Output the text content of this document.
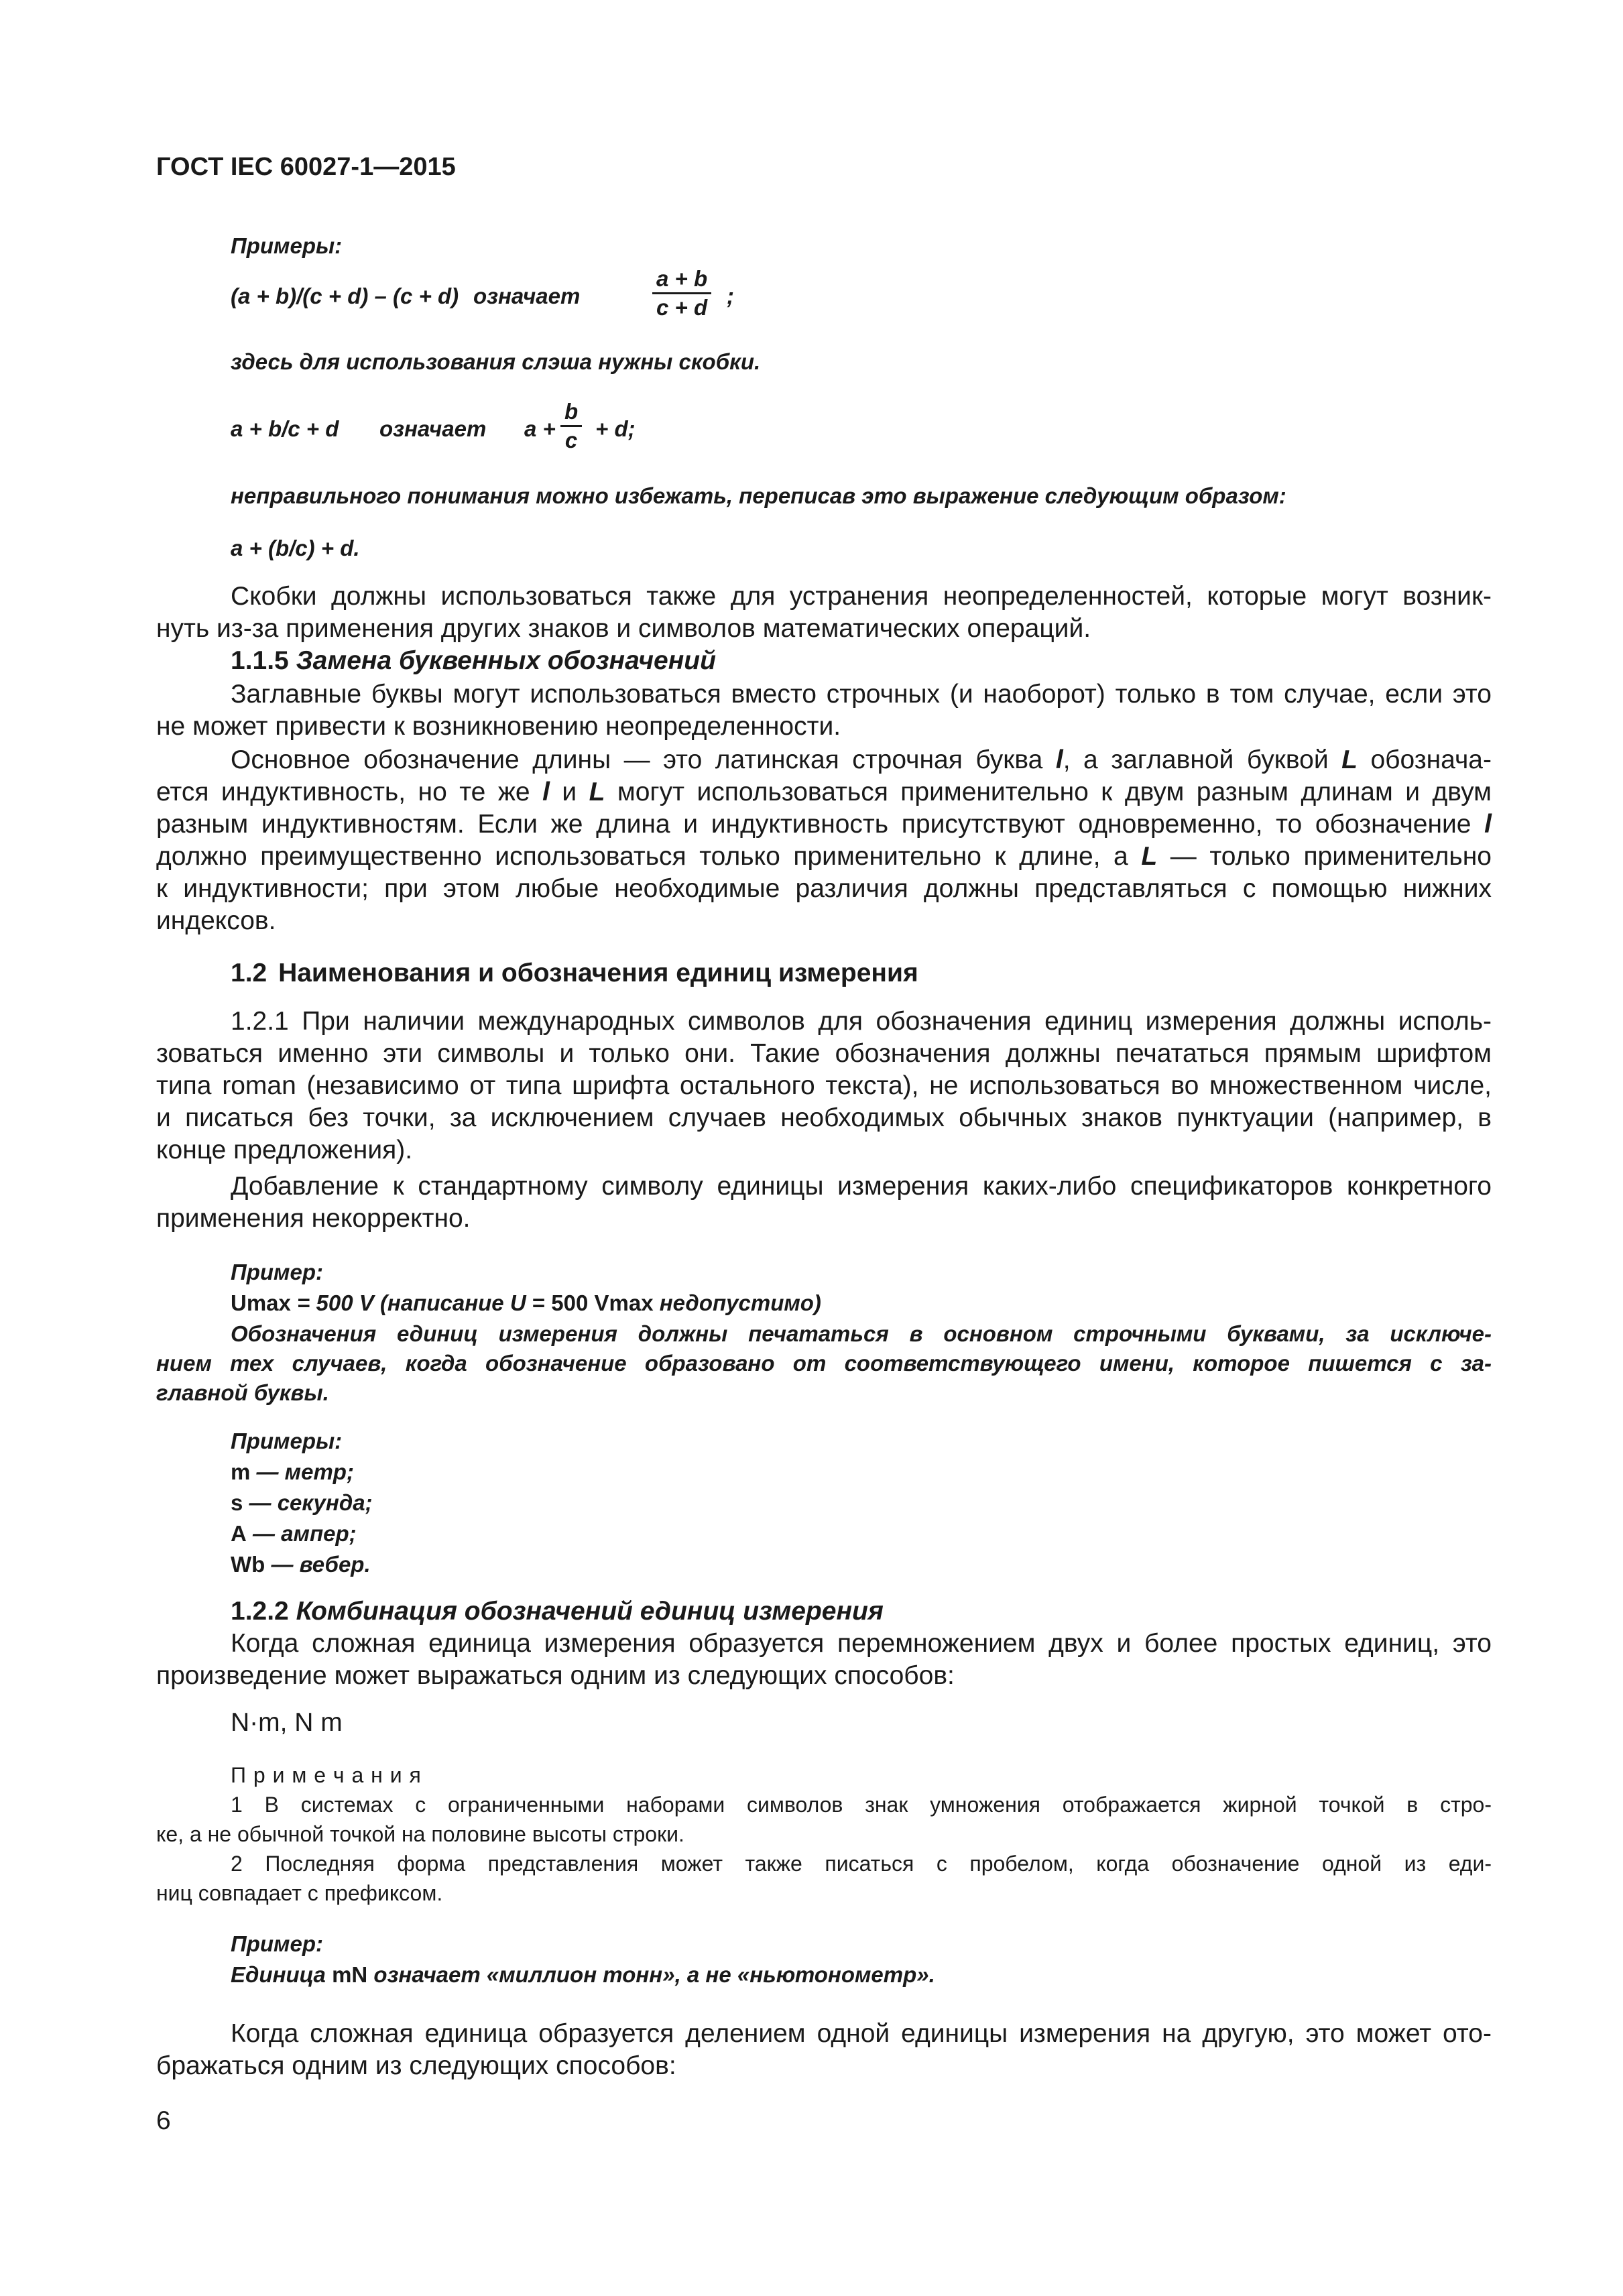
ГОСТ IEC 60027-1—2015
Примеры:
(a + b)/(c + d) – (c + d) означает	$\frac{a + b}{c + d}$ ;
здесь для использования слэша нужны скобки.
a + b/c + d означает $a + \frac{b}{c} + d$;
неправильного понимания можно избежать, переписав это выражение следующим образом:
a + (b/c) + d.
Скобки должны использоваться также для устранения неопределенностей, которые могут возник-
нуть из-за применения других знаков и символов математических операций.
1.1.5 Замена буквенных обозначений
Заглавные буквы могут использоваться вместо строчных (и наоборот) только в том случае, если это
не может привести к возникновению неопределенности.
Основное обозначение длины — это латинская строчная буква l, а заглавной буквой L обознача-
ется индуктивность, но те же l и L могут использоваться применительно к двум разным длинам и двум
разным индуктивностям. Если же длина и индуктивность присутствуют одновременно, то обозначение l
должно преимущественно использоваться только применительно к длине, а L — только применительно
к индуктивности; при этом любые необходимые различия должны представляться с помощью нижних
индексов.
1.2 Наименования и обозначения единиц измерения
1.2.1 При наличии международных символов для обозначения единиц измерения должны исполь-
зоваться именно эти символы и только они. Такие обозначения должны печататься прямым шрифтом
типа roman (независимо от типа шрифта остального текста), не использоваться во множественном числе,
и писаться без точки, за исключением случаев необходимых обычных знаков пунктуации (например, в
конце предложения).
Добавление к стандартному символу единицы измерения каких-либо спецификаторов конкретного
применения некорректно.
Пример:
Umax = 500 V (написание U = 500 Vmax недопустимо)
Обозначения единиц измерения должны печататься в основном строчными буквами, за исключе-
нием тех случаев, когда обозначение образовано от соответствующего имени, которое пишется с за-
главной буквы.
Примеры:
m — метр;
s — секунда;
A — ампер;
Wb — вебер.
1.2.2 Комбинация обозначений единиц измерения
Когда сложная единица измерения образуется перемножением двух и более простых единиц, это
произведение может выражаться одним из следующих способов:
N·m, N m
П р и м е ч а н и я
1 В системах с ограниченными наборами символов знак умножения отображается жирной точкой в стро-
ке, а не обычной точкой на половине высоты строки.
2 Последняя форма представления может также писаться с пробелом, когда обозначение одной из еди-
ниц совпадает с префиксом.
Пример:
Единица mN означает «миллион тонн», а не «ньютонометр».
Когда сложная единица образуется делением одной единицы измерения на другую, это может ото-
бражаться одним из следующих способов:
6
